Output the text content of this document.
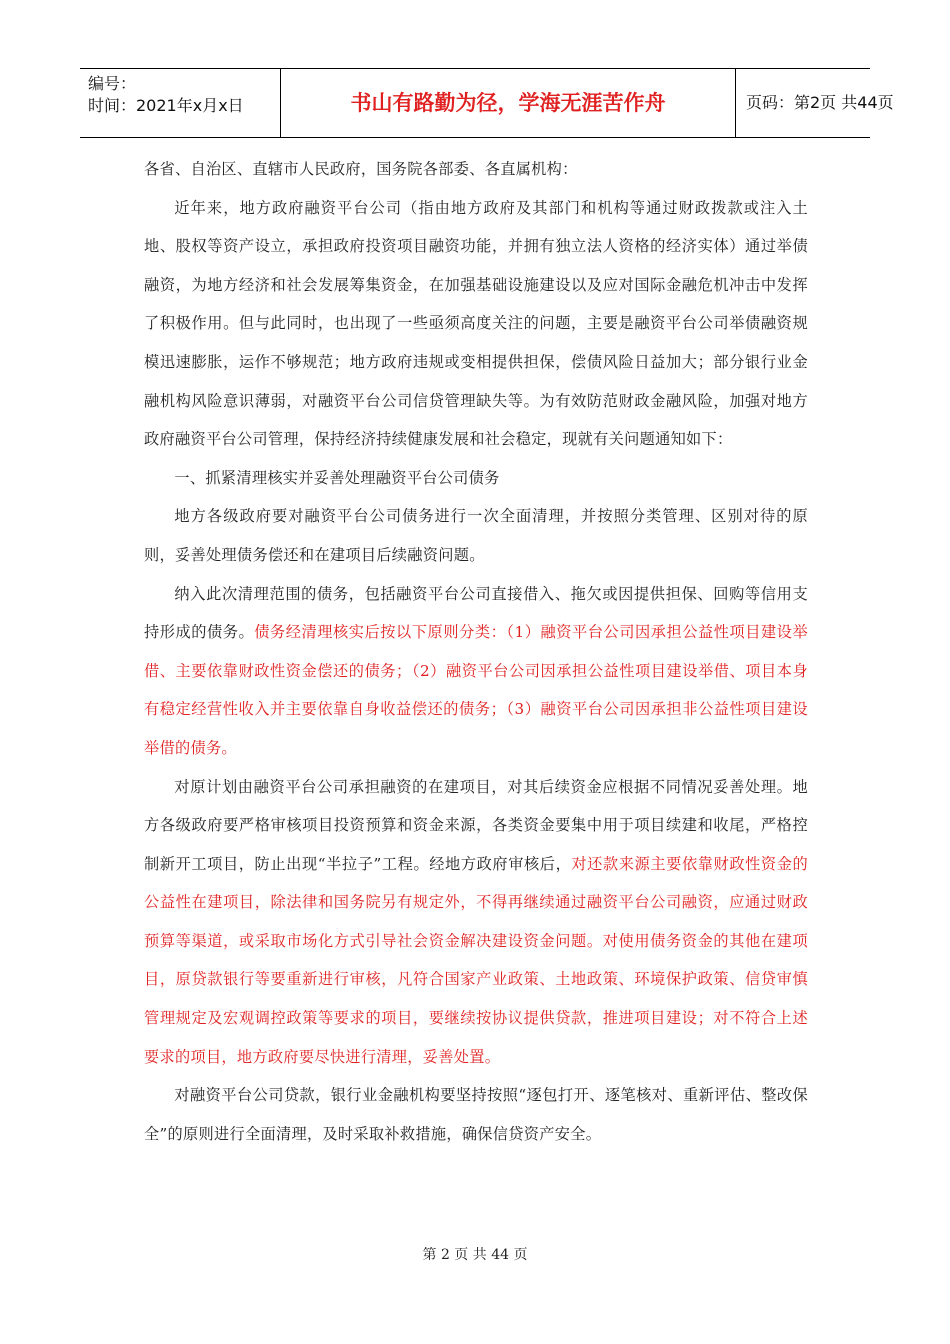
编号：
时间：2021年x月x日	书山有路勤为径，学海无涯苦作舟	页码：第2页 共44页

各省、自治区、直辖市人民政府，国务院各部委、各直属机构：

近年来，地方政府融资平台公司（指由地方政府及其部门和机构等通过财政拨款或注入土地、股权等资产设立，承担政府投资项目融资功能，并拥有独立法人资格的经济实体）通过举债融资，为地方经济和社会发展筹集资金，在加强基础设施建设以及应对国际金融危机冲击中发挥了积极作用。但与此同时，也出现了一些亟须高度关注的问题，主要是融资平台公司举债融资规模迅速膨胀，运作不够规范；地方政府违规或变相提供担保，偿债风险日益加大；部分银行业金融机构风险意识薄弱，对融资平台公司信贷管理缺失等。为有效防范财政金融风险，加强对地方政府融资平台公司管理，保持经济持续健康发展和社会稳定，现就有关问题通知如下：

一、抓紧清理核实并妥善处理融资平台公司债务

地方各级政府要对融资平台公司债务进行一次全面清理，并按照分类管理、区别对待的原则，妥善处理债务偿还和在建项目后续融资问题。

纳入此次清理范围的债务，包括融资平台公司直接借入、拖欠或因提供担保、回购等信用支持形成的债务。债务经清理核实后按以下原则分类：（1）融资平台公司因承担公益性项目建设举借、主要依靠财政性资金偿还的债务；（2）融资平台公司因承担公益性项目建设举借、项目本身有稳定经营性收入并主要依靠自身收益偿还的债务；（3）融资平台公司因承担非公益性项目建设举借的债务。

对原计划由融资平台公司承担融资的在建项目，对其后续资金应根据不同情况妥善处理。地方各级政府要严格审核项目投资预算和资金来源，各类资金要集中用于项目续建和收尾，严格控制新开工项目，防止出现“半拉子”工程。经地方政府审核后，对还款来源主要依靠财政性资金的公益性在建项目，除法律和国务院另有规定外，不得再继续通过融资平台公司融资，应通过财政预算等渠道，或采取市场化方式引导社会资金解决建设资金问题。对使用债务资金的其他在建项目，原贷款银行等要重新进行审核，凡符合国家产业政策、土地政策、环境保护政策、信贷审慎管理规定及宏观调控政策等要求的项目，要继续按协议提供贷款，推进项目建设；对不符合上述要求的项目，地方政府要尽快进行清理，妥善处置。

对融资平台公司贷款，银行业金融机构要坚持按照“逐包打开、逐笔核对、重新评估、整改保全”的原则进行全面清理，及时采取补救措施，确保信贷资产安全。

第 2 页 共 44 页
